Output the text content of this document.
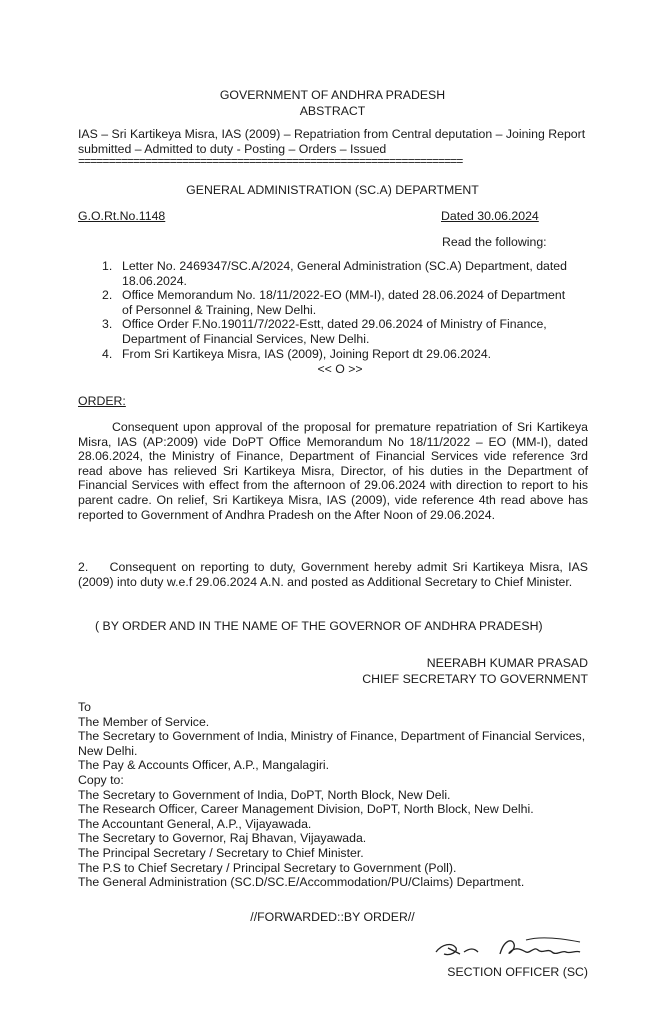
GOVERNMENT OF ANDHRA PRADESH
ABSTRACT
IAS – Sri Kartikeya Misra, IAS (2009) – Repatriation from Central deputation – Joining Report submitted – Admitted to duty - Posting – Orders – Issued
===============================================================
GENERAL ADMINISTRATION (SC.A) DEPARTMENT
G.O.Rt.No.1148	Dated 30.06.2024
Read the following:
1. Letter No. 2469347/SC.A/2024, General Administration (SC.A) Department, dated 18.06.2024.
2. Office Memorandum No. 18/11/2022-EO (MM-I), dated 28.06.2024 of Department of Personnel & Training, New Delhi.
3. Office Order F.No.19011/7/2022-Estt, dated 29.06.2024 of Ministry of Finance, Department of Financial Services, New Delhi.
4. From Sri Kartikeya Misra, IAS (2009), Joining Report dt 29.06.2024.
<< O >>
ORDER:
Consequent upon approval of the proposal for premature repatriation of Sri Kartikeya Misra, IAS (AP:2009) vide DoPT Office Memorandum No 18/11/2022 – EO (MM-I), dated 28.06.2024, the Ministry of Finance, Department of Financial Services vide reference 3rd read above has relieved Sri Kartikeya Misra, Director, of his duties in the Department of Financial Services with effect from the afternoon of 29.06.2024 with direction to report to his parent cadre. On relief, Sri Kartikeya Misra, IAS (2009), vide reference 4th read above has reported to Government of Andhra Pradesh on the After Noon of 29.06.2024.
2.    Consequent on reporting to duty, Government hereby admit Sri Kartikeya Misra, IAS (2009) into duty w.e.f 29.06.2024 A.N. and posted as Additional Secretary to Chief Minister.
( BY ORDER AND IN THE NAME OF THE GOVERNOR OF ANDHRA PRADESH)
NEERABH KUMAR PRASAD
CHIEF SECRETARY TO GOVERNMENT
To
The Member of Service.
The Secretary to Government of India, Ministry of Finance, Department of Financial Services, New Delhi.
The Pay & Accounts Officer, A.P., Mangalagiri.
Copy to:
The Secretary to Government of India, DoPT, North Block, New Deli.
The Research Officer, Career Management Division, DoPT, North Block, New Delhi.
The Accountant General, A.P., Vijayawada.
The Secretary to Governor, Raj Bhavan, Vijayawada.
The Principal Secretary / Secretary to Chief Minister.
The P.S to Chief Secretary / Principal Secretary to Government (Poll).
The General Administration (SC.D/SC.E/Accommodation/PU/Claims) Department.
//FORWARDED::BY ORDER//
SECTION OFFICER (SC)
